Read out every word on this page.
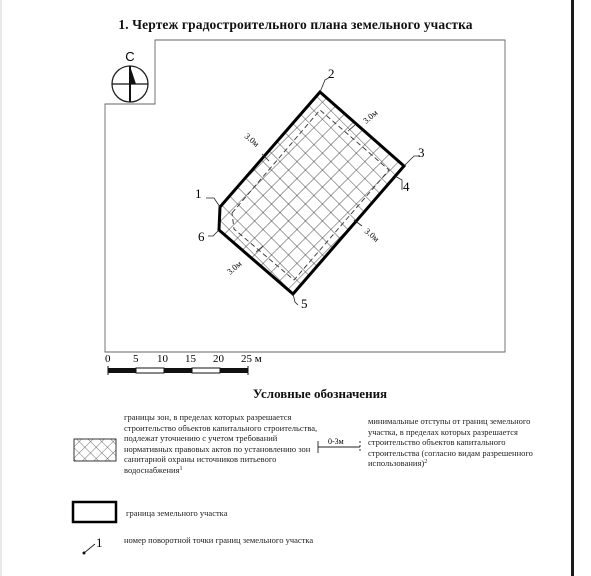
1. Чертеж градостроительного плана земельного участка
С
3.0м
3.0м
3.0м
3.0м
1
2
3
4
5
6
0 5 10 15 20 25 м
0-3м
1
Условные обозначения
границы зон, в пределах которых разрешается строительство объектов капитального строительства, подлежат уточнению с учетом требований нормативных правовых актов по установлению зон санитарной охраны источников питьевого водоснабжения$^1$
минимальные отступы от границ земельного участка, в пределах которых разрешается строительство объектов капитального строительства (согласно видам разрешенного использования)$^2$
граница земельного участка
номер поворотной точки границ земельного участка
